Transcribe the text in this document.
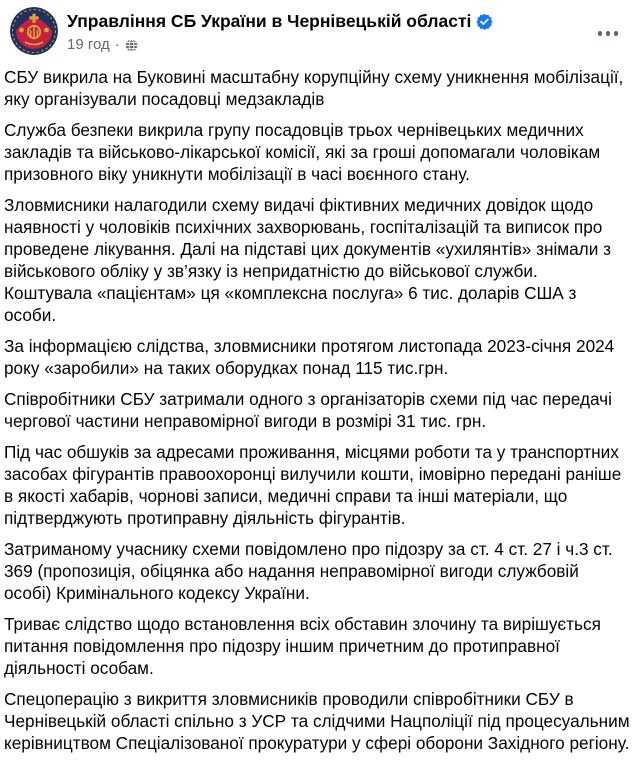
Управління СБ України в Чернівецькій області
19 год ·

СБУ викрила на Буковині масштабну корупційну схему уникнення мобілізації, яку організували посадовці медзакладів

Служба безпеки викрила групу посадовців трьох чернівецьких медичних закладів та військово-лікарської комісії, які за гроші допомагали чоловікам призовного віку уникнути мобілізації в часі воєнного стану.

Зловмисники налагодили схему видачі фіктивних медичних довідок щодо наявності у чоловіків психічних захворювань, госпіталізацій та виписок про проведене лікування. Далі на підставі цих документів «ухилянтів» знімали з військового обліку у зв’язку із непридатністю до військової служби. Коштувала «пацієнтам» ця «комплексна послуга» 6 тис. доларів США з особи.

За інформацією слідства, зловмисники протягом листопада 2023-січня 2024 року «заробили» на таких оборудках понад 115 тис.грн.

Співробітники СБУ затримали одного з організаторів схеми під час передачі чергової частини неправомірної вигоди в розмірі 31 тис. грн.

Під час обшуків за адресами проживання, місцями роботи та у транспортних засобах фігурантів правоохоронці вилучили кошти, імовірно передані раніше в якості хабарів, чорнові записи, медичні справи та інші матеріали, що підтверджують протиправну діяльність фігурантів.

Затриманому учаснику схеми повідомлено про підозру за ст. 4 ст. 27 і ч.3 ст. 369 (пропозиція, обіцянка або надання неправомірної вигоди службовій особі) Кримінального кодексу України.

Триває слідство щодо встановлення всіх обставин злочину та вирішується питання повідомлення про підозру іншим причетним до протиправної діяльності особам.

Спецоперацію з викриття зловмисників проводили співробітники СБУ в Чернівецькій області спільно з УСР та слідчими Нацполіції під процесуальним керівництвом Спеціалізованої прокуратури у сфері оборони Західного регіону.
